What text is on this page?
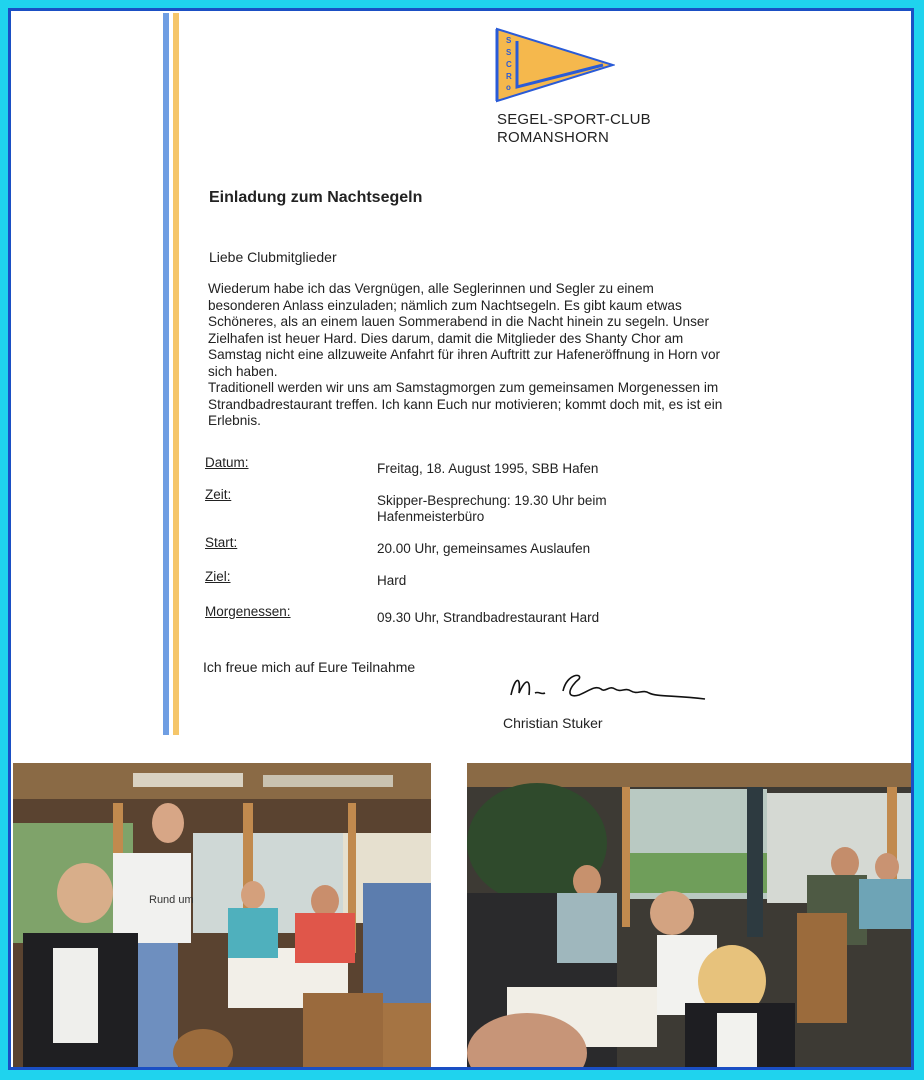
S
S
C
R
o
SEGEL-SPORT-CLUB
ROMANSHORN
Einladung zum Nachtsegeln
Liebe Clubmitglieder

Wiederum habe ich das Vergnügen, alle Seglerinnen und Segler zu einem besonderen Anlass einzuladen; nämlich zum Nachtsegeln. Es gibt kaum etwas Schöneres, als an einem lauen Sommerabend in die Nacht hinein zu segeln. Unser Zielhafen ist heuer Hard. Dies darum, damit die Mitglieder des Shanty Chor am Samstag nicht eine allzuweite Anfahrt für ihren Auftritt zur Hafeneröffnung in Horn vor sich haben.

Traditionell werden wir uns am Samstagmorgen zum gemeinsamen Morgenessen im Strandbadrestaurant treffen. Ich kann Euch nur motivieren; kommt doch mit, es ist ein Erlebnis.

Datum:	Freitag, 18. August 1995, SBB Hafen
Zeit:	Skipper-Besprechung: 19.30 Uhr beim Hafenmeisterbüro
Start:	20.00 Uhr, gemeinsames Auslaufen
Ziel:	Hard
Morgenessen:	09.30 Uhr, Strandbadrestaurant Hard
Ich freue mich auf Eure Teilnahme
Christian Stuker
Rund um
